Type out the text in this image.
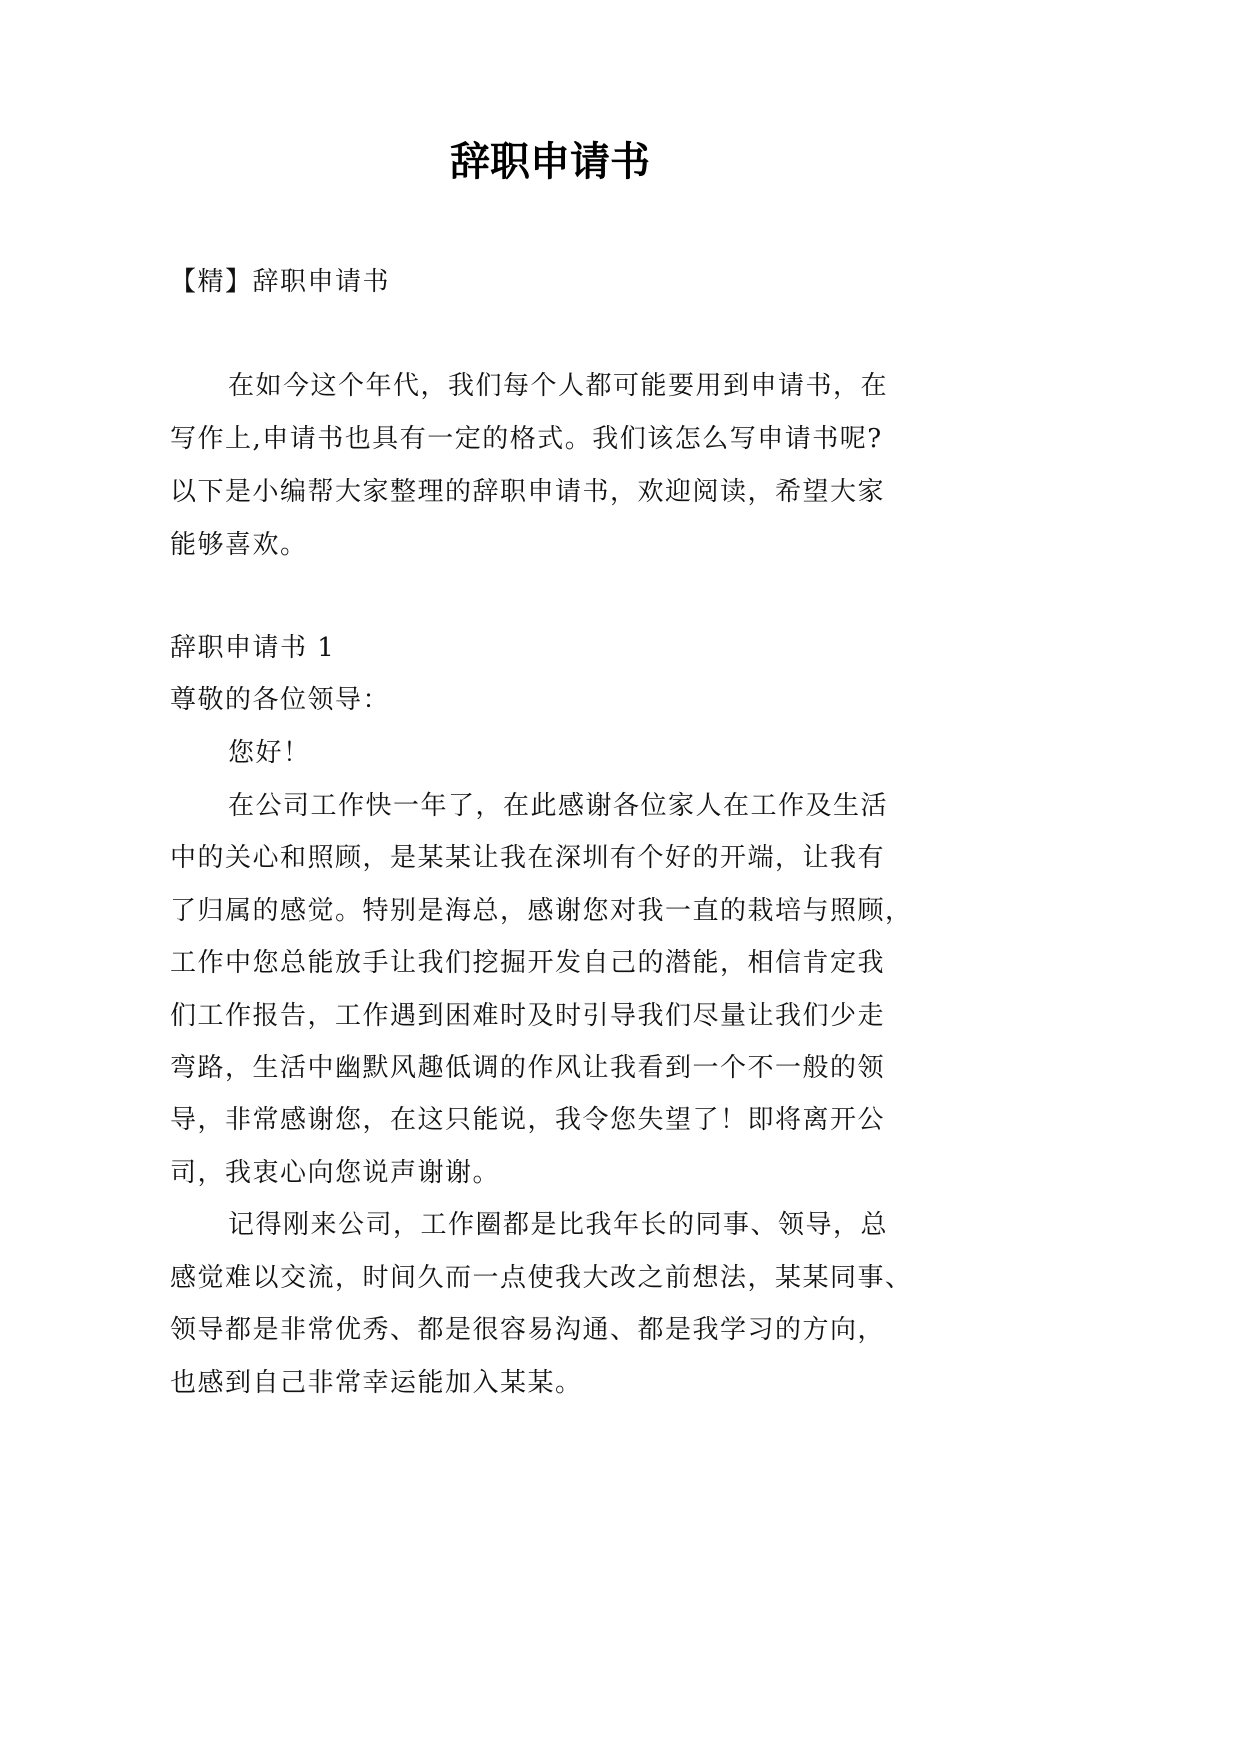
辞职申请书
【精】辞职申请书
在如今这个年代，我们每个人都可能要用到申请书，在
写作上,申请书也具有一定的格式。我们该怎么写申请书呢?
以下是小编帮大家整理的辞职申请书，欢迎阅读，希望大家
能够喜欢。
辞职申请书 1
尊敬的各位领导：
您好！
在公司工作快一年了，在此感谢各位家人在工作及生活
中的关心和照顾，是某某让我在深圳有个好的开端，让我有
了归属的感觉。特别是海总，感谢您对我一直的栽培与照顾，
工作中您总能放手让我们挖掘开发自己的潜能，相信肯定我
们工作报告，工作遇到困难时及时引导我们尽量让我们少走
弯路，生活中幽默风趣低调的作风让我看到一个不一般的领
导，非常感谢您，在这只能说，我令您失望了！即将离开公
司，我衷心向您说声谢谢。
记得刚来公司，工作圈都是比我年长的同事、领导，总
感觉难以交流，时间久而一点使我大改之前想法，某某同事、
领导都是非常优秀、都是很容易沟通、都是我学习的方向，
也感到自己非常幸运能加入某某。
